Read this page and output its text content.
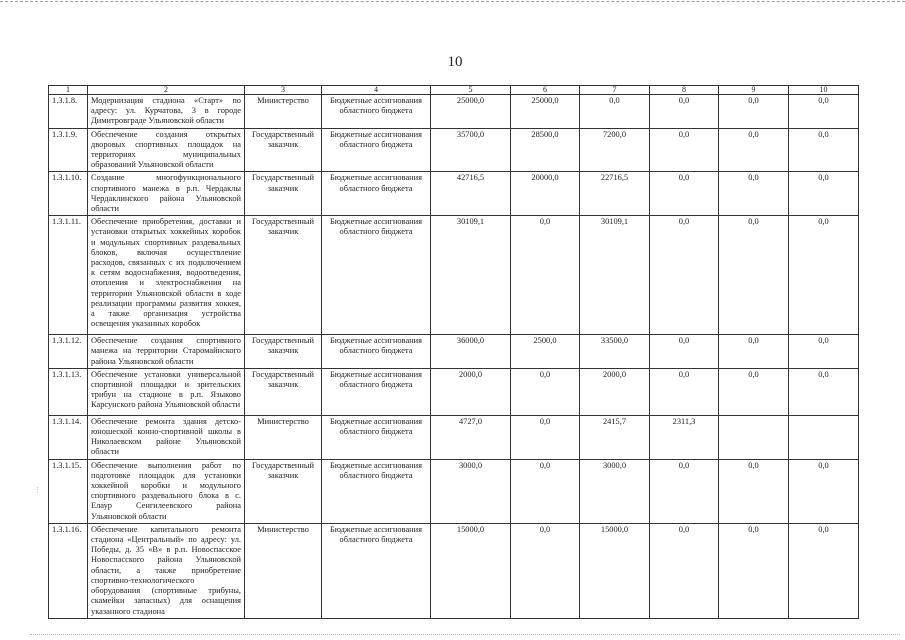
10
1	2	3	4	5	6	7	8	9	10
1.3.1.8.	Модернизация стадиона «Старт» по адресу: ул. Курчатова, 3 в городе Димитровграде Ульяновской области	Министерство	Бюджетные ассигнования областного бюджета	25000,0	25000,0	0,0	0,0	0,0	0,0
1.3.1.9.	Обеспечение создания открытых дворовых спортивных площадок на территориях муниципальных образований Ульяновской области	Государственный заказчик	Бюджетные ассигнования областного бюджета	35700,0	28500,0	7200,0	0,0	0,0	0,0
1.3.1.10.	Создание многофункционального спортивного манежа в р.п. Чердаклы Чердаклинского района Ульяновской области	Государственный заказчик	Бюджетные ассигнования областного бюджета	42716,5	20000,0	22716,5	0,0	0,0	0,0
1.3.1.11.	Обеспечение приобретения, доставки и установки открытых хоккейных коробок и модульных спортивных раздевальных блоков, включая осуществление расходов, связанных с их подключением к сетям водоснабжения, водоотведения, отопления и электроснабжения на территории Ульяновской области в ходе реализации программы развития хоккея, а также организация устройства освещения указанных коробок	Государственный заказчик	Бюджетные ассигнования областного бюджета	30109,1	0,0	30109,1	0,0	0,0	0,0
1.3.1.12.	Обеспечение создания спортивного манежа на территории Старомайнского района Ульяновской области	Государственный заказчик	Бюджетные ассигнования областного бюджета	36000,0	2500,0	33500,0	0,0	0,0	0,0
1.3.1.13.	Обеспечение установки универсальной спортивной площадки и зрительских трибун на стадионе в р.п. Языково Карсунского района Ульяновской области	Государственный заказчик	Бюджетные ассигнования областного бюджета	2000,0	0,0	2000,0	0,0	0,0	0,0
1.3.1.14.	Обеспечение ремонта здания детско-юношеской конно-спортивной школы в Николаевском районе Ульяновской области	Министерство	Бюджетные ассигнования областного бюджета	4727,0	0,0	2415,7	2311,3		
1.3.1.15.	Обеспечение выполнения работ по подготовке площадок для установки хоккейной коробки и модульного спортивного раздевального блока в с. Елаур Сенгилеевского района Ульяновской области	Государственный заказчик	Бюджетные ассигнования областного бюджета	3000,0	0,0	3000,0	0,0	0,0	0,0
1.3.1.16.	Обеспечение капитального ремонта стадиона «Центральный» по адресу: ул. Победы, д. 35 «В» в р.п. Новоспасское Новоспасского района Ульяновской области, а также приобретение спортивно-технологического оборудования (спортивные трибуны, скамейки запасных) для оснащения указанного стадиона	Министерство	Бюджетные ассигнования областного бюджета	15000,0	0,0	15000,0	0,0	0,0	0,0
⋮
